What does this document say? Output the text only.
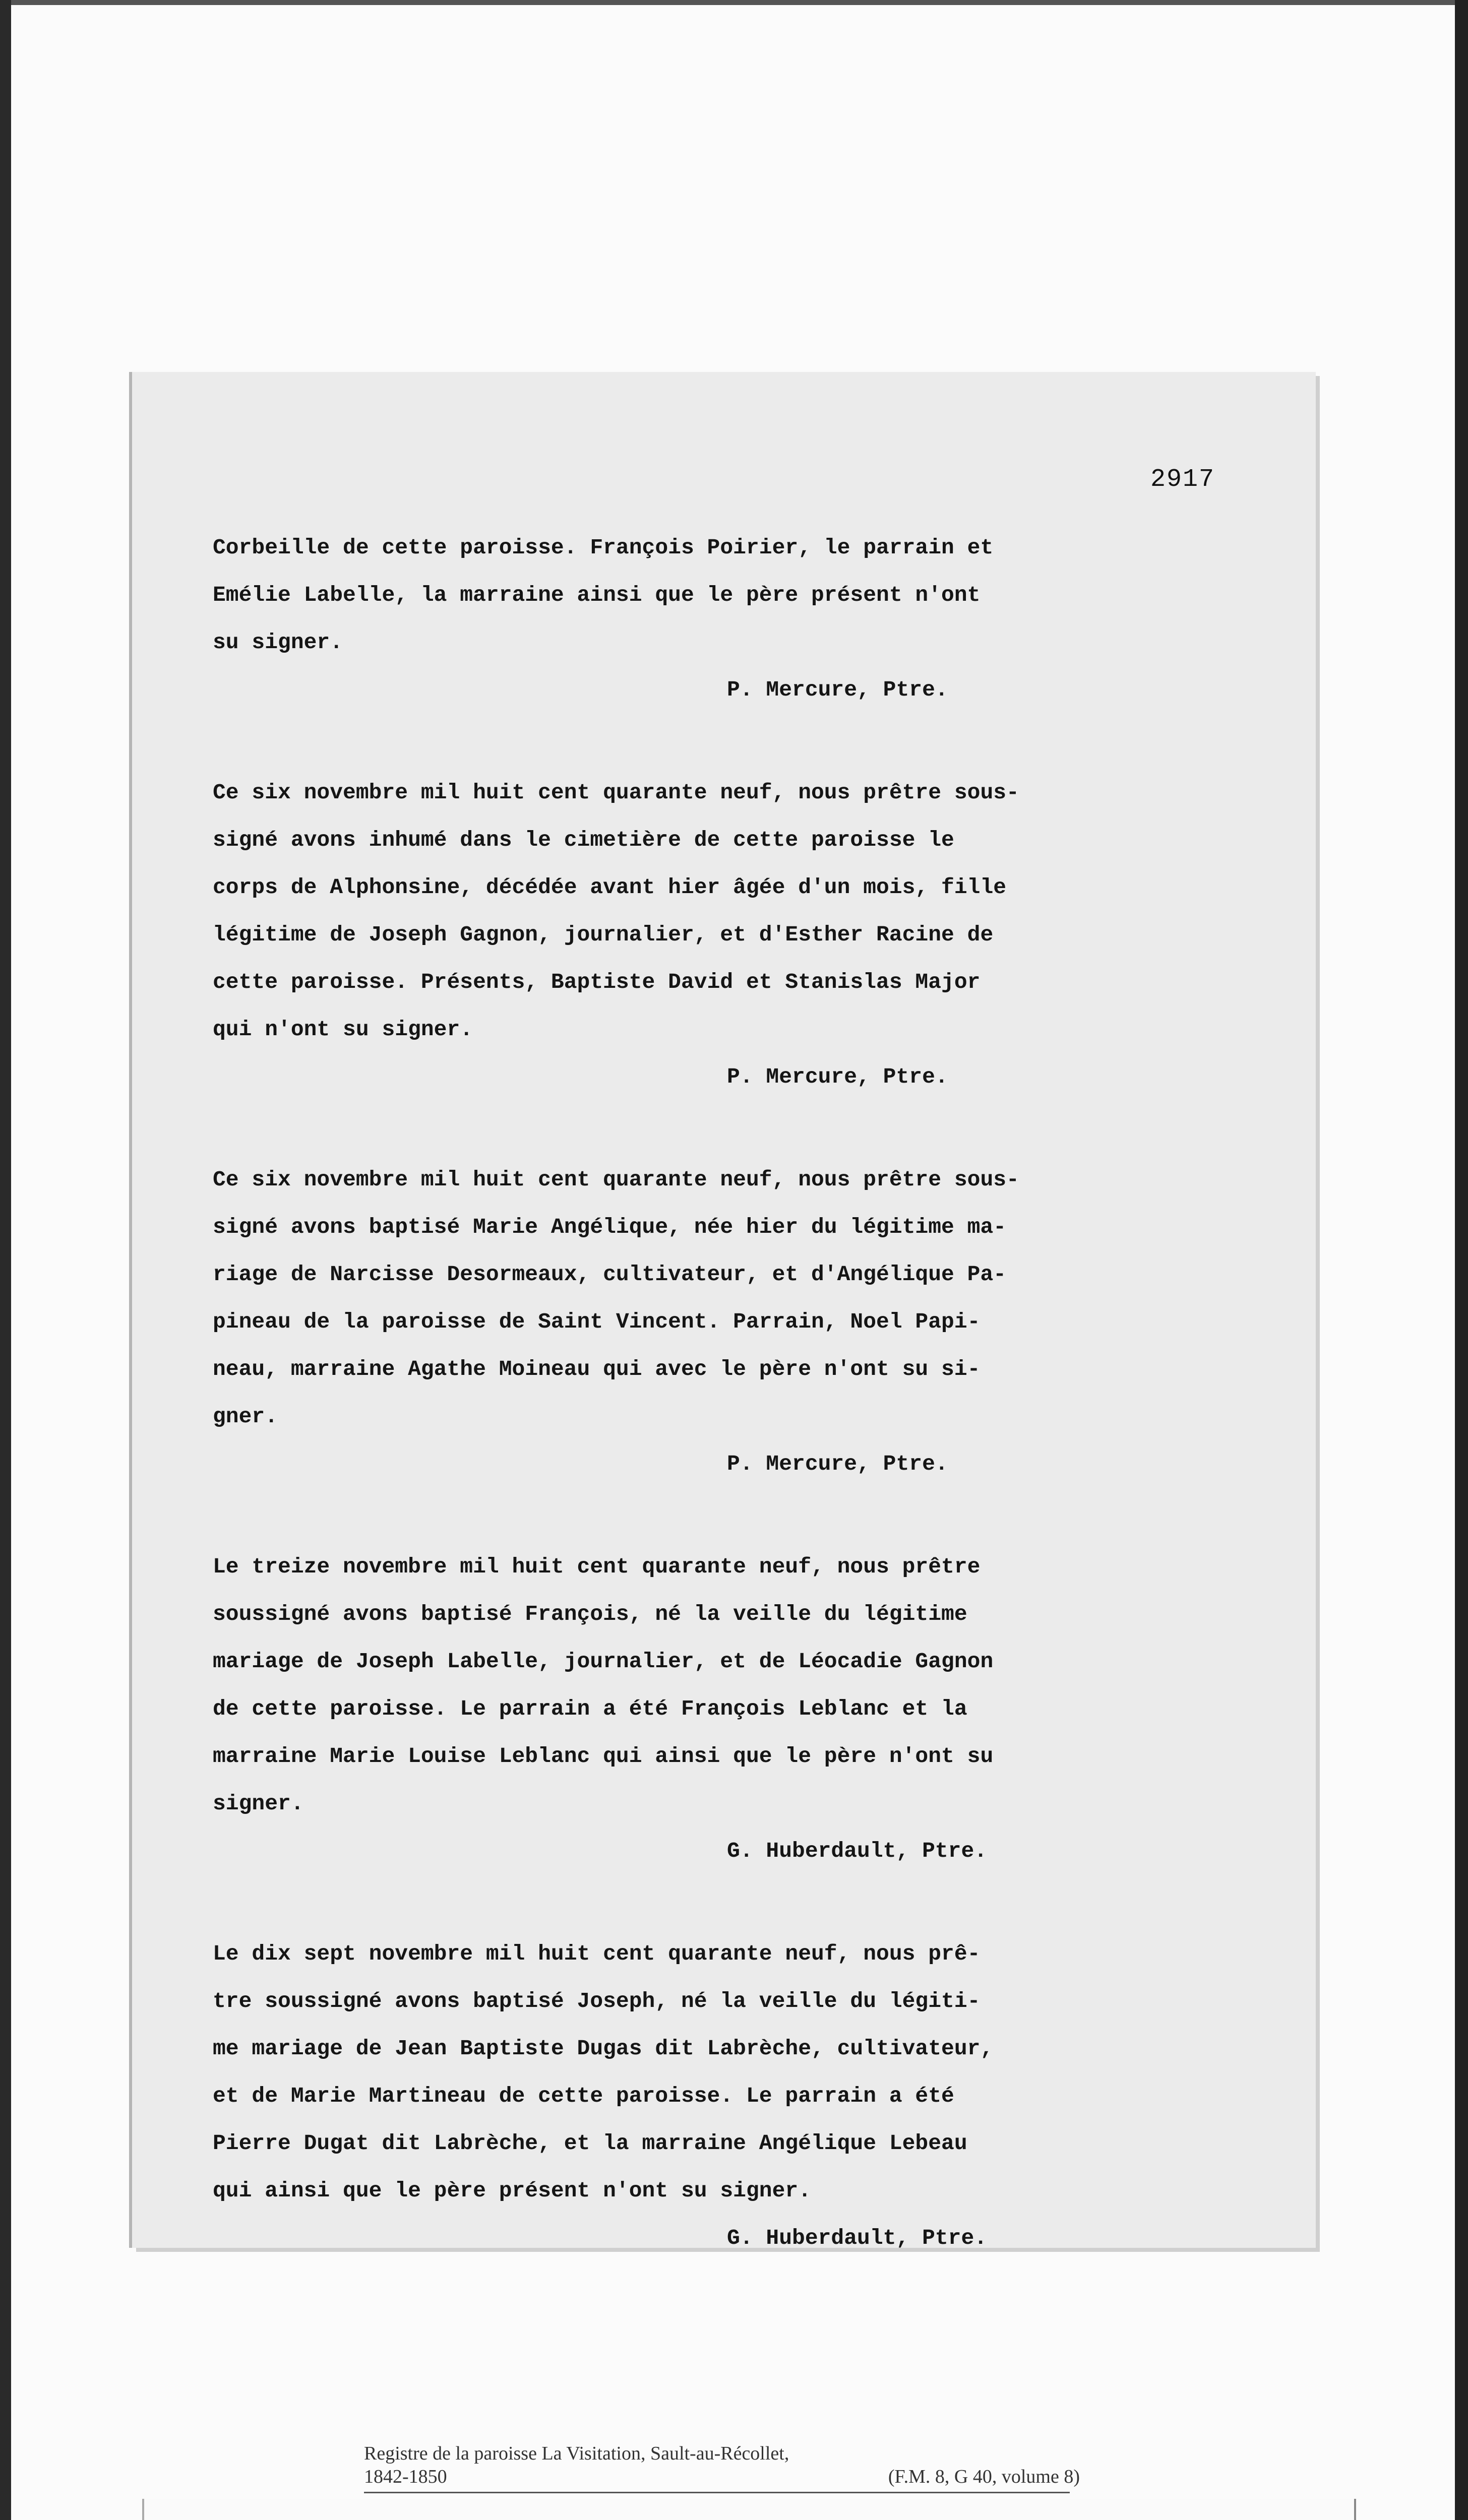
2917
Corbeille de cette paroisse. François Poirier, le parrain et
Emélie Labelle, la marraine ainsi que le père présent n'ont
su signer.
P. Mercure, Ptre.
Ce six novembre mil huit cent quarante neuf, nous prêtre sous-
signé avons inhumé dans le cimetière de cette paroisse le
corps de Alphonsine, décédée avant hier âgée d'un mois, fille
légitime de Joseph Gagnon, journalier, et d'Esther Racine de
cette paroisse. Présents, Baptiste David et Stanislas Major
qui n'ont su signer.
P. Mercure, Ptre.
Ce six novembre mil huit cent quarante neuf, nous prêtre sous-
signé avons baptisé Marie Angélique, née hier du légitime ma-
riage de Narcisse Desormeaux, cultivateur, et d'Angélique Pa-
pineau de la paroisse de Saint Vincent. Parrain, Noel Papi-
neau, marraine Agathe Moineau qui avec le père n'ont su si-
gner.
P. Mercure, Ptre.
Le treize novembre mil huit cent quarante neuf, nous prêtre
soussigné avons baptisé François, né la veille du légitime
mariage de Joseph Labelle, journalier, et de Léocadie Gagnon
de cette paroisse. Le parrain a été François Leblanc et la
marraine Marie Louise Leblanc qui ainsi que le père n'ont su
signer.
G. Huberdault, Ptre.
Le dix sept novembre mil huit cent quarante neuf, nous prê-
tre soussigné avons baptisé Joseph, né la veille du légiti-
me mariage de Jean Baptiste Dugas dit Labrèche, cultivateur,
et de Marie Martineau de cette paroisse. Le parrain a été
Pierre Dugat dit Labrèche, et la marraine Angélique Lebeau
qui ainsi que le père présent n'ont su signer.
G. Huberdault, Ptre.
Registre de la paroisse La Visitation, Sault-au-Récollet,
1842-1850	(F.M. 8, G 40, volume 8)
